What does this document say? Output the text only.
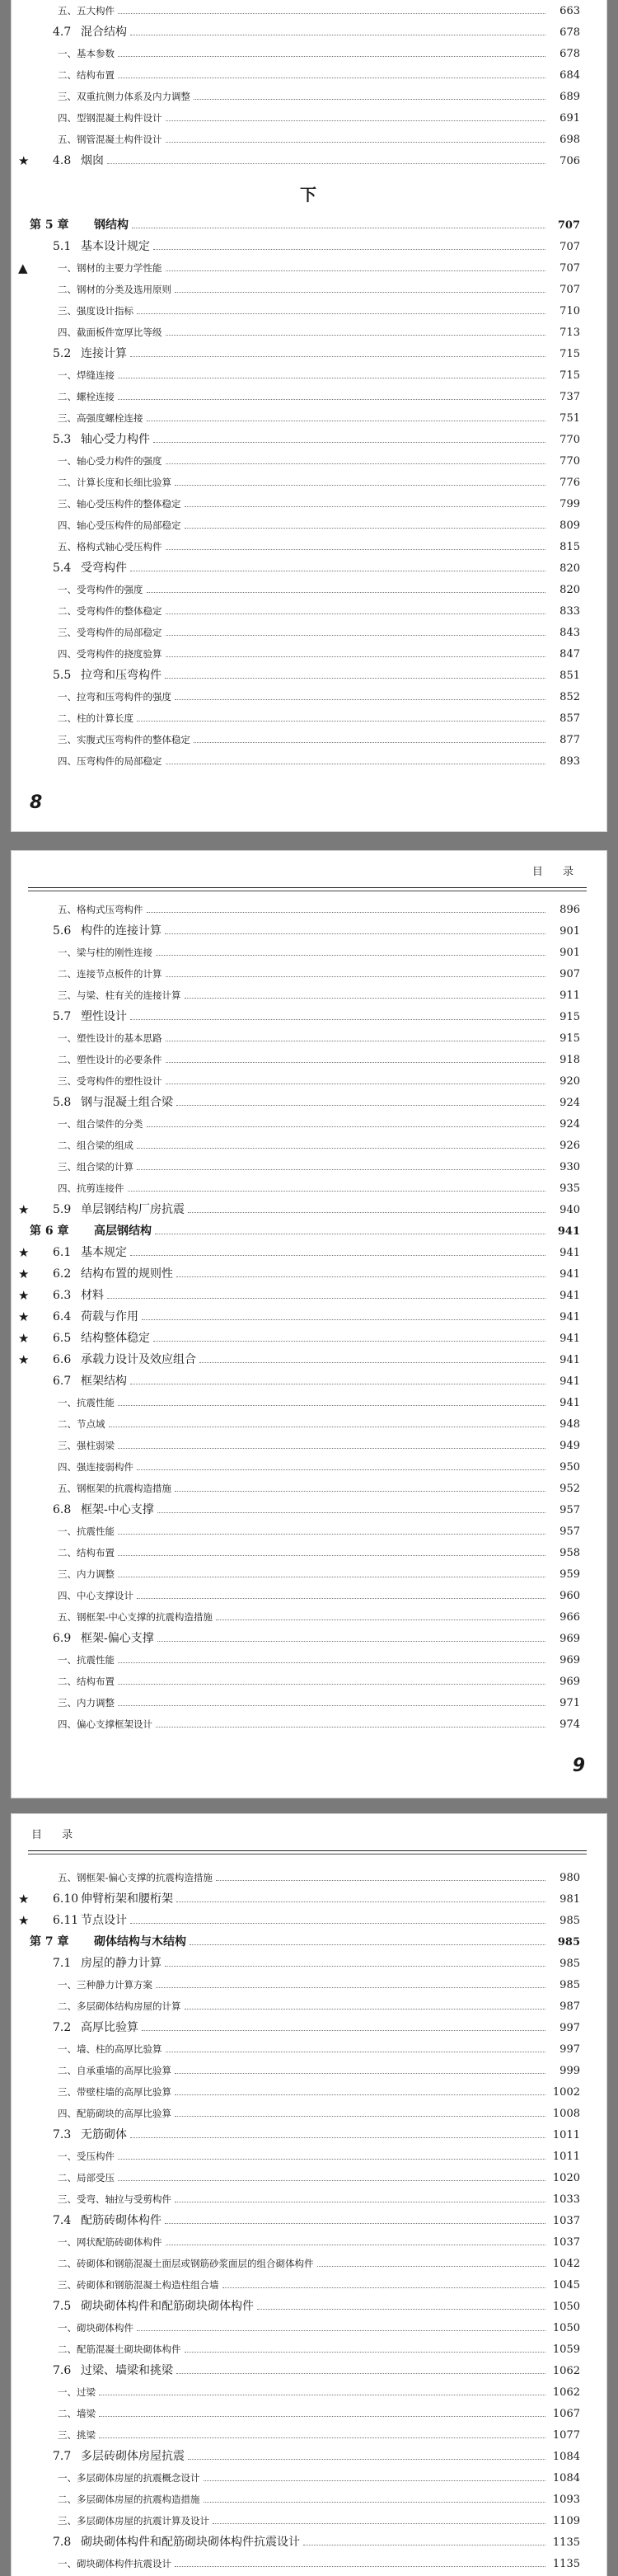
五、五大构件	663
4.7 混合结构	678
一、基本参数	678
二、结构布置	684
三、双重抗侧力体系及内力调整	689
四、型钢混凝土构件设计	691
五、钢管混凝土构件设计	698
★	4.8 烟囱	706
下
第 5 章	钢结构	707
5.1 基本设计规定	707
▲	一、钢材的主要力学性能	707
二、钢材的分类及选用原则	707
三、强度设计指标	710
四、截面板件宽厚比等级	713
5.2 连接计算	715
一、焊缝连接	715
二、螺栓连接	737
三、高强度螺栓连接	751
5.3 轴心受力构件	770
一、轴心受力构件的强度	770
二、计算长度和长细比验算	776
三、轴心受压构件的整体稳定	799
四、轴心受压构件的局部稳定	809
五、格构式轴心受压构件	815
5.4 受弯构件	820
一、受弯构件的强度	820
二、受弯构件的整体稳定	833
三、受弯构件的局部稳定	843
四、受弯构件的挠度验算	847
5.5 拉弯和压弯构件	851
一、拉弯和压弯构件的强度	852
二、柱的计算长度	857
三、实腹式压弯构件的整体稳定	877
四、压弯构件的局部稳定	893
8
目 录
五、格构式压弯构件	896
5.6 构件的连接计算	901
一、梁与柱的刚性连接	901
二、连接节点板件的计算	907
三、与梁、柱有关的连接计算	911
5.7 塑性设计	915
一、塑性设计的基本思路	915
二、塑性设计的必要条件	918
三、受弯构件的塑性设计	920
5.8 钢与混凝土组合梁	924
一、组合梁件的分类	924
二、组合梁的组成	926
三、组合梁的计算	930
四、抗剪连接件	935
★	5.9 单层钢结构厂房抗震	940
第 6 章	高层钢结构	941
★	6.1 基本规定	941
★	6.2 结构布置的规则性	941
★	6.3 材料	941
★	6.4 荷载与作用	941
★	6.5 结构整体稳定	941
★	6.6 承载力设计及效应组合	941
6.7 框架结构	941
一、抗震性能	941
二、节点域	948
三、强柱弱梁	949
四、强连接弱构件	950
五、钢框架的抗震构造措施	952
6.8 框架-中心支撑	957
一、抗震性能	957
二、结构布置	958
三、内力调整	959
四、中心支撑设计	960
五、钢框架-中心支撑的抗震构造措施	966
6.9 框架-偏心支撑	969
一、抗震性能	969
二、结构布置	969
三、内力调整	971
四、偏心支撑框架设计	974
9
目 录
五、钢框架-偏心支撑的抗震构造措施	980
★	6.10 伸臂桁架和腰桁架	981
★	6.11 节点设计	985
第 7 章	砌体结构与木结构	985
7.1 房屋的静力计算	985
一、三种静力计算方案	985
二、多层砌体结构房屋的计算	987
7.2 高厚比验算	997
一、墙、柱的高厚比验算	997
二、自承重墙的高厚比验算	999
三、带壁柱墙的高厚比验算	1002
四、配筋砌块的高厚比验算	1008
7.3 无筋砌体	1011
一、受压构件	1011
二、局部受压	1020
三、受弯、轴拉与受剪构件	1033
7.4 配筋砖砌体构件	1037
一、网状配筋砖砌体构件	1037
二、砖砌体和钢筋混凝土面层或钢筋砂浆面层的组合砌体构件	1042
三、砖砌体和钢筋混凝土构造柱组合墙	1045
7.5 砌块砌体构件和配筋砌块砌体构件	1050
一、砌块砌体构件	1050
二、配筋混凝土砌块砌体构件	1059
7.6 过梁、墙梁和挑梁	1062
一、过梁	1062
二、墙梁	1067
三、挑梁	1077
7.7 多层砖砌体房屋抗震	1084
一、多层砌体房屋的抗震概念设计	1084
二、多层砌体房屋的抗震构造措施	1093
三、多层砌体房屋的抗震计算及设计	1109
7.8 砌块砌体构件和配筋砌块砌体构件抗震设计	1135
一、砌块砌体构件抗震设计	1135
